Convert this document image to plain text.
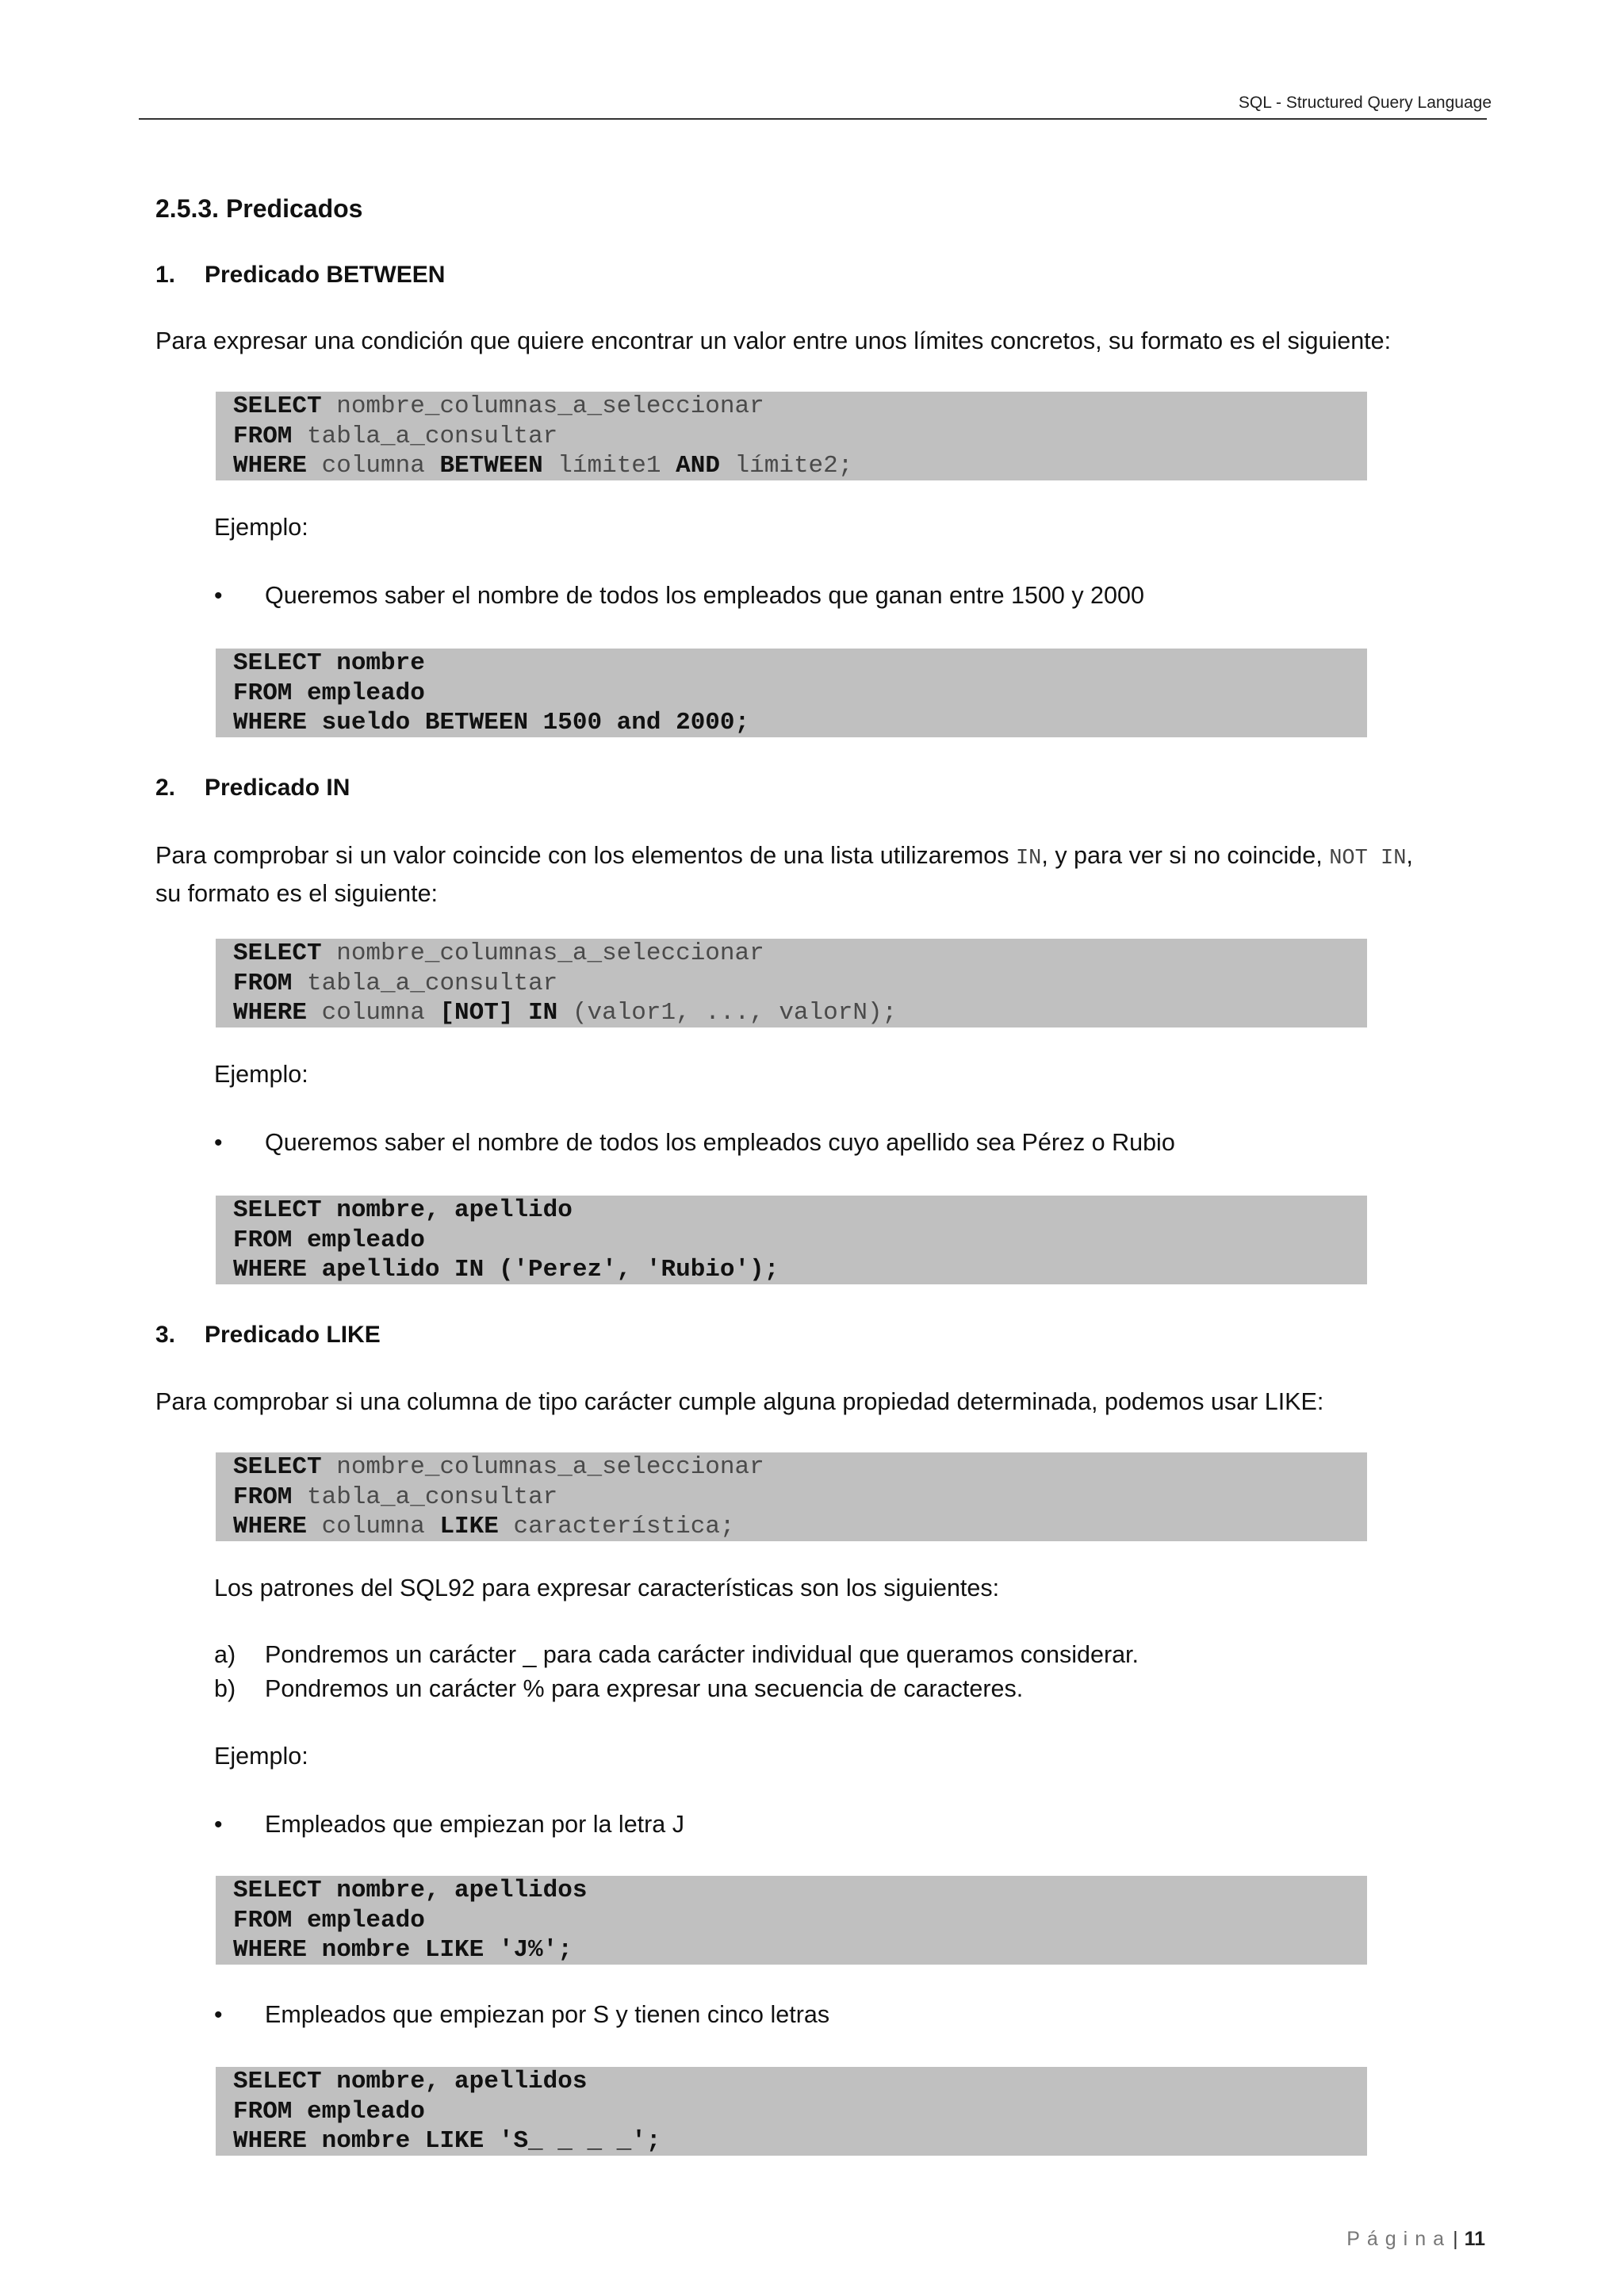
SQL - Structured Query Language
2.5.3. Predicados
1. Predicado BETWEEN
Para expresar una condición que quiere encontrar un valor entre unos límites concretos, su formato es el siguiente:
SELECT nombre_columnas_a_seleccionar
FROM tabla_a_consultar
WHERE columna BETWEEN límite1 AND límite2;
Ejemplo:
• Queremos saber el nombre de todos los empleados que ganan entre 1500 y 2000
SELECT nombre
FROM empleado
WHERE sueldo BETWEEN 1500 and 2000;
2. Predicado IN
Para comprobar si un valor coincide con los elementos de una lista utilizaremos IN, y para ver si no coincide, NOT IN,
su formato es el siguiente:
SELECT nombre_columnas_a_seleccionar
FROM tabla_a_consultar
WHERE columna [NOT] IN (valor1, ..., valorN);
Ejemplo:
• Queremos saber el nombre de todos los empleados cuyo apellido sea Pérez o Rubio
SELECT nombre, apellido
FROM empleado
WHERE apellido IN ('Perez', 'Rubio');
3. Predicado LIKE
Para comprobar si una columna de tipo carácter cumple alguna propiedad determinada, podemos usar LIKE:
SELECT nombre_columnas_a_seleccionar
FROM tabla_a_consultar
WHERE columna LIKE característica;
Los patrones del SQL92 para expresar características son los siguientes:
a) Pondremos un carácter _ para cada carácter individual que queramos considerar.
b) Pondremos un carácter % para expresar una secuencia de caracteres.
Ejemplo:
• Empleados que empiezan por la letra J
SELECT nombre, apellidos
FROM empleado
WHERE nombre LIKE 'J%';
• Empleados que empiezan por S y tienen cinco letras
SELECT nombre, apellidos
FROM empleado
WHERE nombre LIKE 'S_ _ _ _';
Página| 11
